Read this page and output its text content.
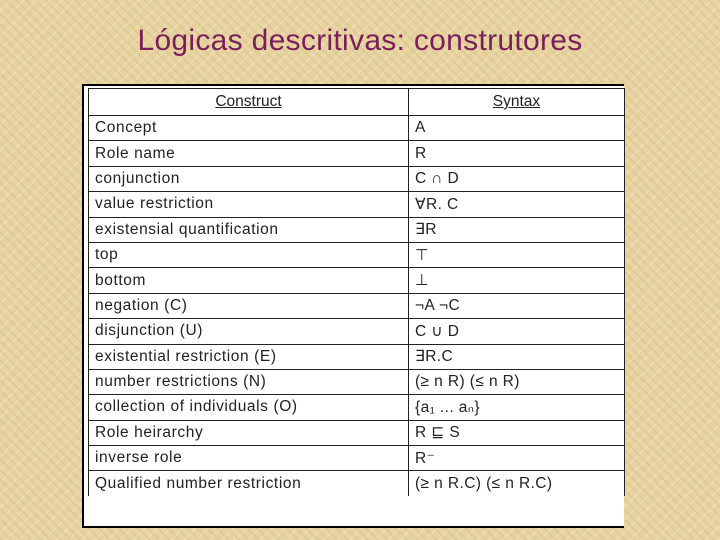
Lógicas descritivas: construtores
Construct	Syntax
Concept	A
Role name	R
conjunction	C ∩ D
value restriction	∀R. C
existensial quantification	∃R
top	⊤
bottom	⊥
negation (C)	¬A ¬C
disjunction (U)	C ∪ D
existential restriction (E)	∃R.C
number restrictions (N)	(≥ n R) (≤ n R)
collection of individuals (O)	{a₁ ... aₙ}
Role heirarchy	R ⊑ S
inverse role	R⁻
Qualified number restriction	(≥ n R.C) (≤ n R.C)
